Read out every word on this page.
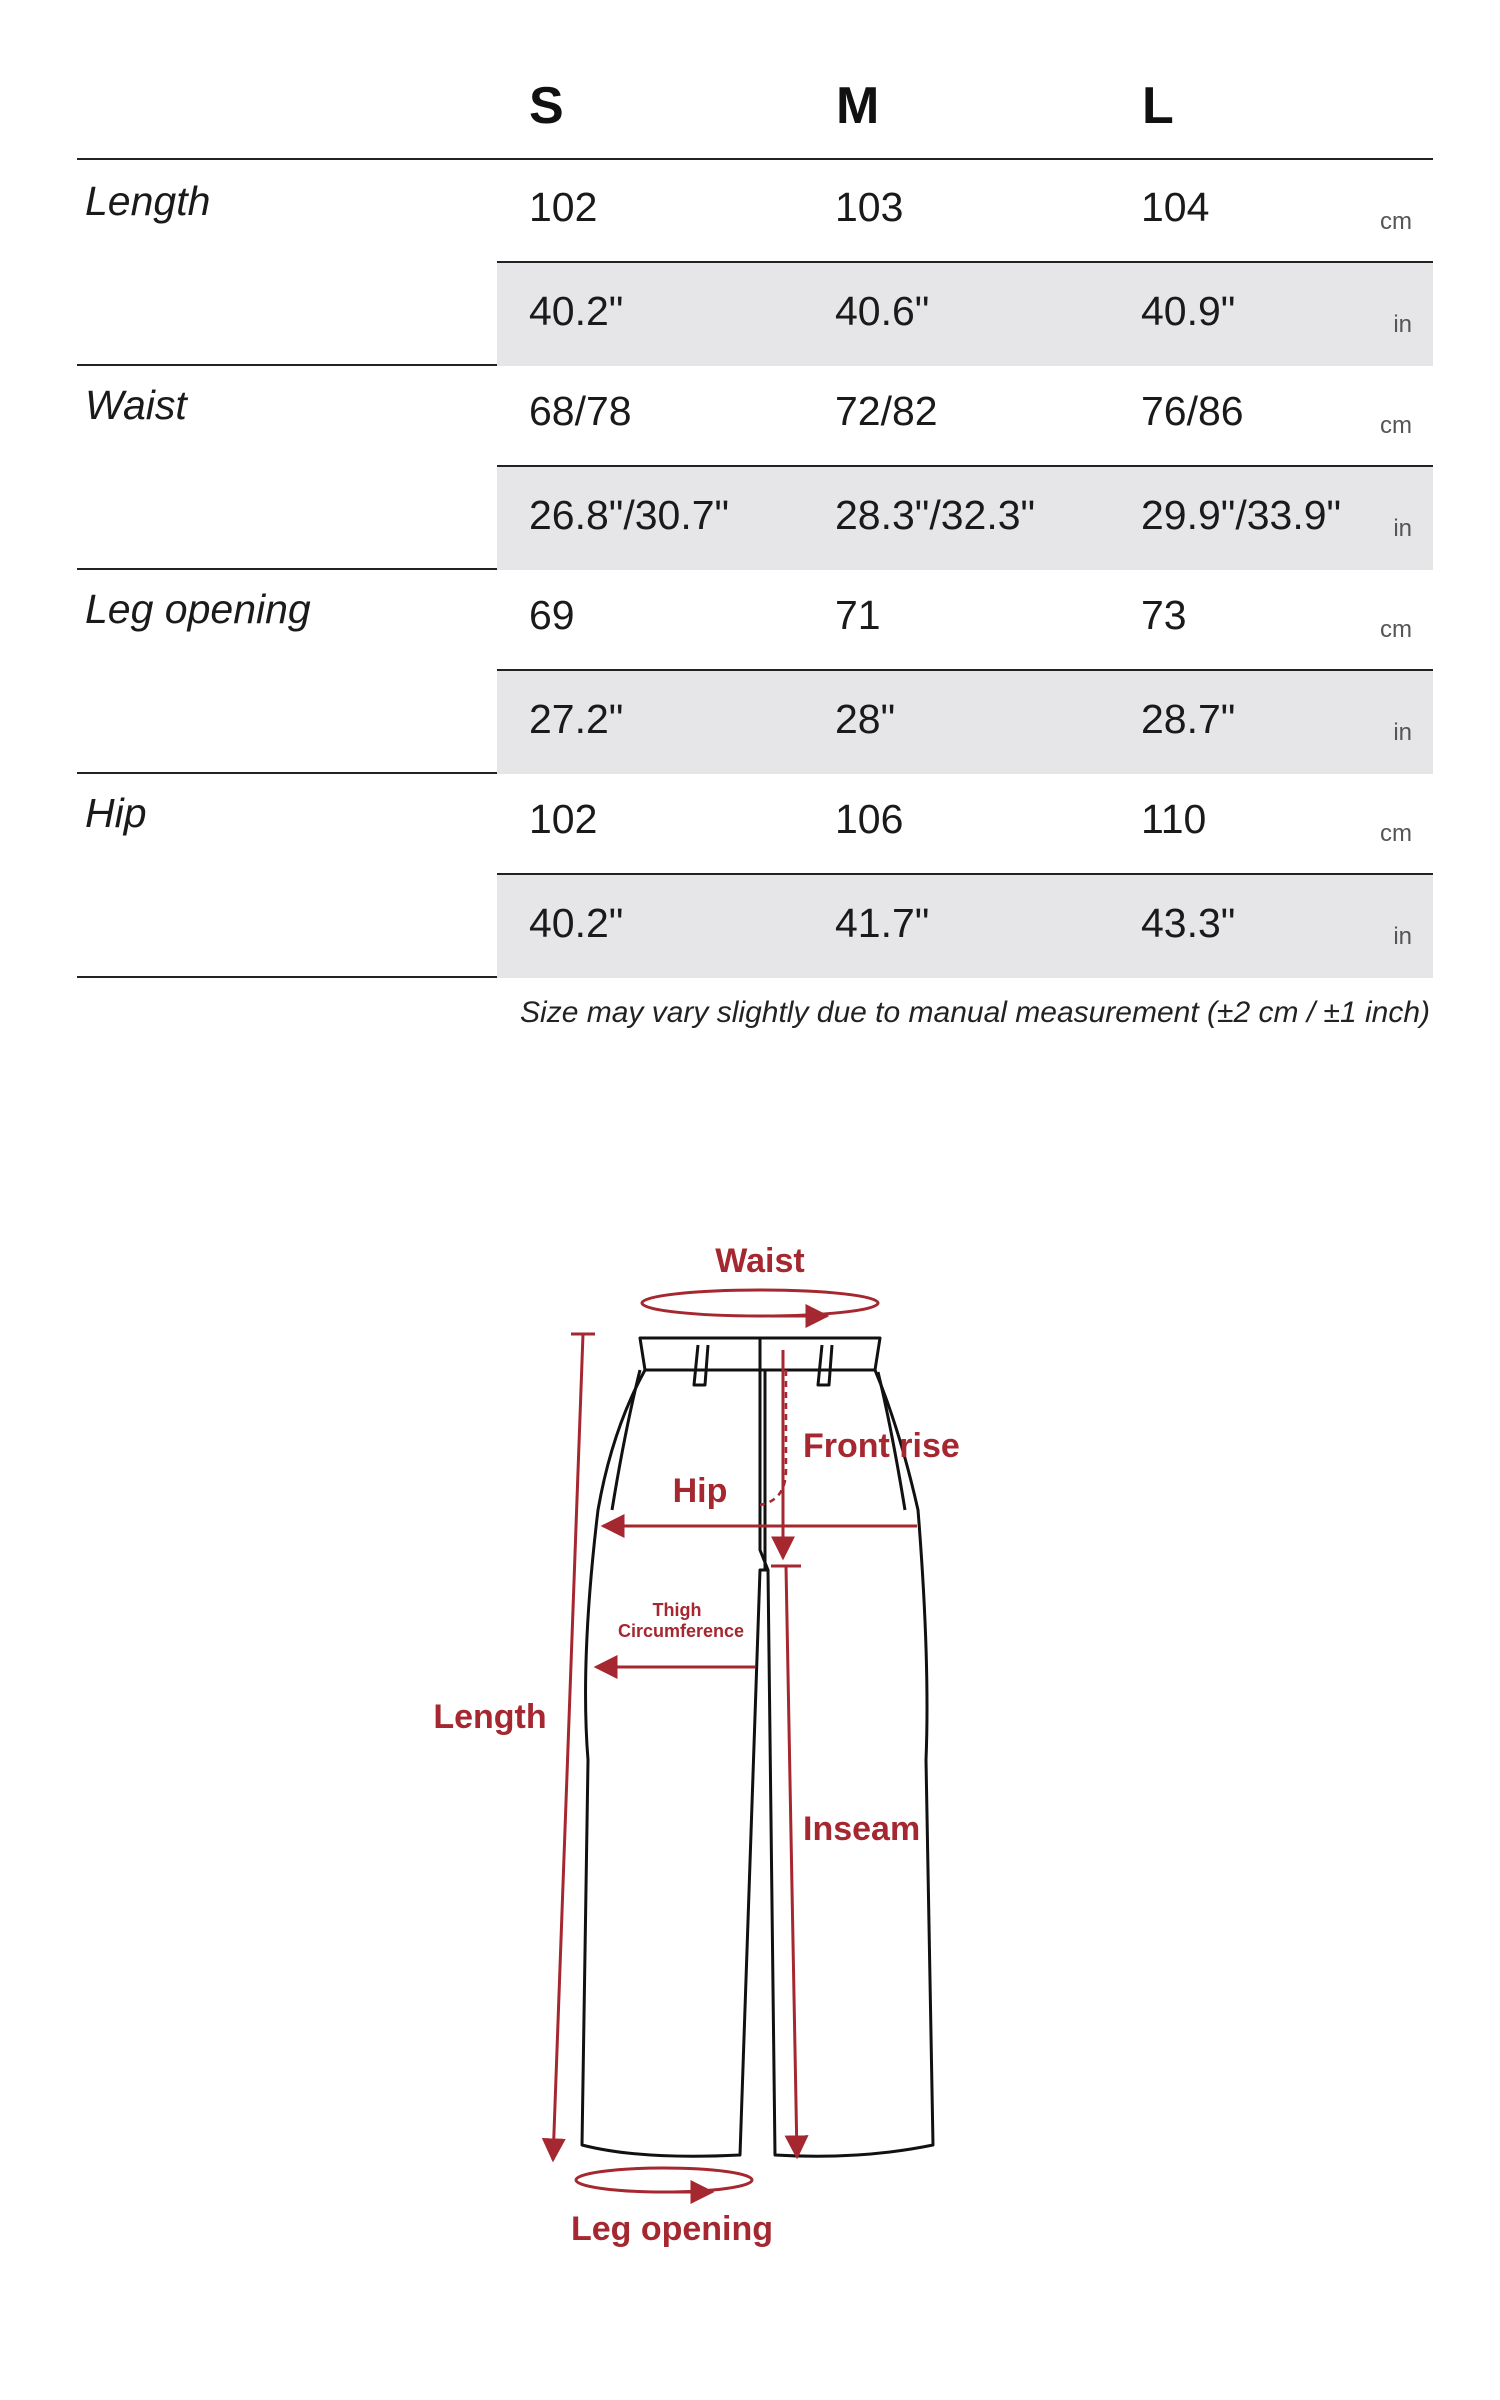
S	M	L
Length	102	103	104	cm
40.2"	40.6"	40.9"	in
Waist	68/78	72/82	76/86	cm
26.8"/30.7"	28.3"/32.3"	29.9"/33.9" in
Leg opening	69	71	73	cm
27.2"	28"	28.7"	in
Hip	102	106	110	cm
40.2"	41.7"	43.3"	in
Size may vary slightly due to manual measurement (±2 cm / ±1 inch)
Waist
Front rise
Hip
Thigh
Circumference
Length
Inseam
Leg opening
